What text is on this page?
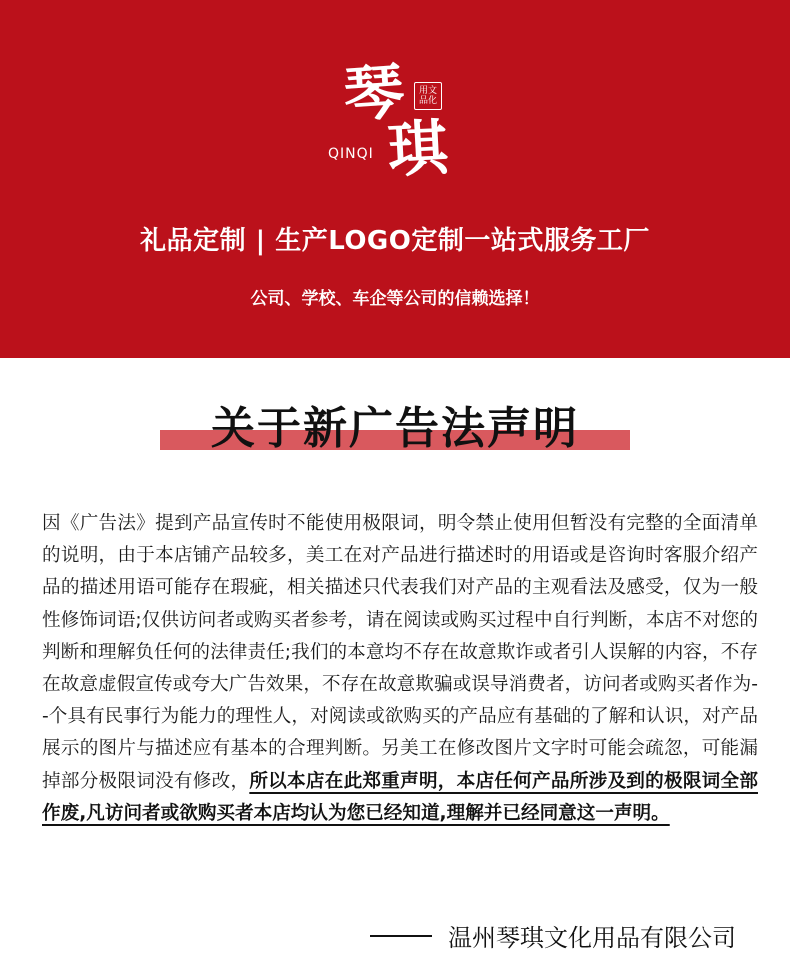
琴	用文品化
QINQI 琪
礼品定制 | 生产LOGO定制一站式服务工厂
公司、学校、车企等公司的信赖选择！
关于新广告法声明
因《广告法》提到产品宣传时不能使用极限词，明令禁止使用但暂没有完整的全面清单的说明，由于本店铺产品较多，美工在对产品进行描述时的用语或是咨询时客服介绍产品的描述用语可能存在瑕疵，相关描述只代表我们对产品的主观看法及感受，仅为一般性修饰词语;仅供访问者或购买者参考，请在阅读或购买过程中自行判断，本店不对您的判断和理解负任何的法律责任;我们的本意均不存在故意欺诈或者引人误解的内容，不存在故意虚假宣传或夸大广告效果，不存在故意欺骗或误导消费者，访问者或购买者作为- -个具有民事行为能力的理性人，对阅读或欲购买的产品应有基础的了解和认识，对产品展示的图片与描述应有基本的合理判断。另美工在修改图片文字时可能会疏忽，可能漏掉部分极限词没有修改，所以本店在此郑重声明，本店任何产品所涉及到的极限词全部作废,凡访问者或欲购买者本店均认为您已经知道,理解并已经同意这一声明。
温州琴琪文化用品有限公司
